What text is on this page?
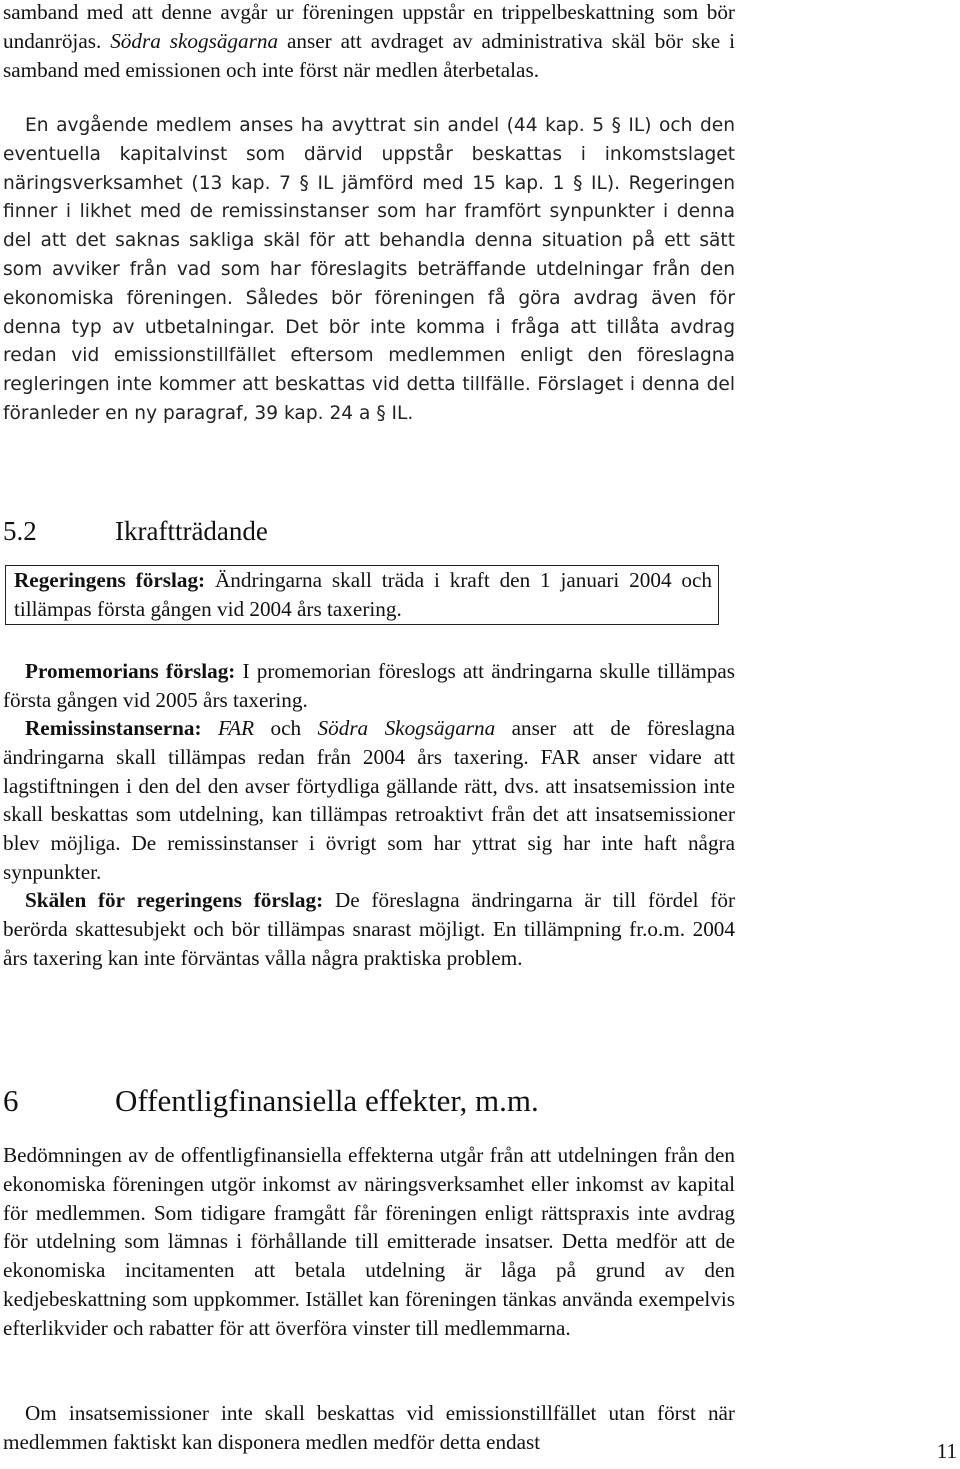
samband med att denne avgår ur föreningen uppstår en trippelbeskattning som bör undanröjas. Södra skogsägarna anser att avdraget av administrativa skäl bör ske i samband med emissionen och inte först när medlen återbetalas.

En avgående medlem anses ha avyttrat sin andel (44 kap. 5 § IL) och den eventuella kapitalvinst som därvid uppstår beskattas i inkomstslaget näringsverksamhet (13 kap. 7 § IL jämförd med 15 kap. 1 § IL). Regeringen finner i likhet med de remissinstanser som har framfört synpunkter i denna del att det saknas sakliga skäl för att behandla denna situation på ett sätt som avviker från vad som har föreslagits beträffande utdelningar från den ekonomiska föreningen. Således bör föreningen få göra avdrag även för denna typ av utbetalningar. Det bör inte komma i fråga att tillåta avdrag redan vid emissionstillfället eftersom medlemmen enligt den föreslagna regleringen inte kommer att beskattas vid detta tillfälle. Förslaget i denna del föranleder en ny paragraf, 39 kap. 24 a § IL.

5.2	Ikraftträdande

Regeringens förslag: Ändringarna skall träda i kraft den 1 januari 2004 och tillämpas första gången vid 2004 års taxering.

Promemorians förslag: I promemorian föreslogs att ändringarna skulle tillämpas första gången vid 2005 års taxering.

Remissinstanserna: FAR och Södra Skogsägarna anser att de föreslagna ändringarna skall tillämpas redan från 2004 års taxering. FAR anser vidare att lagstiftningen i den del den avser förtydliga gällande rätt, dvs. att insatsemission inte skall beskattas som utdelning, kan tillämpas retroaktivt från det att insatsemissioner blev möjliga. De remissinstanser i övrigt som har yttrat sig har inte haft några synpunkter.

Skälen för regeringens förslag: De föreslagna ändringarna är till fördel för berörda skattesubjekt och bör tillämpas snarast möjligt. En tillämpning fr.o.m. 2004 års taxering kan inte förväntas vålla några praktiska problem.

6	Offentligfinansiella effekter, m.m.

Bedömningen av de offentligfinansiella effekterna utgår från att utdelningen från den ekonomiska föreningen utgör inkomst av näringsverksamhet eller inkomst av kapital för medlemmen. Som tidigare framgått får föreningen enligt rättspraxis inte avdrag för utdelning som lämnas i förhållande till emitterade insatser. Detta medför att de ekonomiska incitamenten att betala utdelning är låga på grund av den kedjebeskattning som uppkommer. Istället kan föreningen tänkas använda exempelvis efterlikvider och rabatter för att överföra vinster till medlemmarna.

Om insatsemissioner inte skall beskattas vid emissionstillfället utan först när medlemmen faktiskt kan disponera medlen medför detta endast	11
